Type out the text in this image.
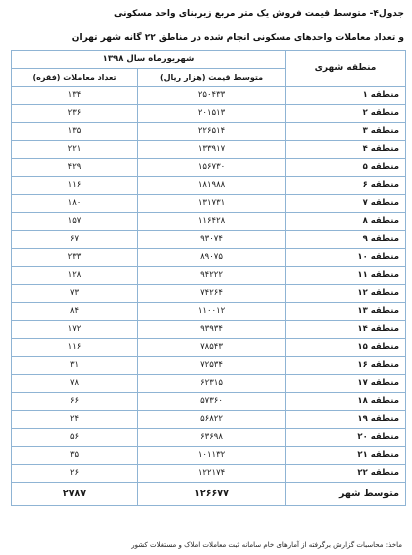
جدول۴- متوسط قیمت فروش یک متر مربع زیربنای واحد مسکونی
و تعداد معاملات واحدهای مسکونی انجام شده در مناطق ۲۲ گانه شهر تهران
منطقه شهری	شهریورماه سال ۱۳۹۸	
	متوسط قیمت (هزار ریال)	تعداد معاملات (فقره)
منطقه ۱	۲۵۰۴۳۳	۱۳۴
منطقه ۲	۲۰۱۵۱۳	۲۳۶
منطقه ۳	۲۲۶۵۱۴	۱۳۵
منطقه ۴	۱۳۳۹۱۷	۲۲۱
منطقه ۵	۱۵۶۷۳۰	۴۲۹
منطقه ۶	۱۸۱۹۸۸	۱۱۶
منطقه ۷	۱۳۱۷۳۱	۱۸۰
منطقه ۸	۱۱۶۴۲۸	۱۵۷
منطقه ۹	۹۳۰۷۴	۶۷
منطقه ۱۰	۸۹۰۷۵	۲۳۳
منطقه ۱۱	۹۴۲۲۲	۱۲۸
منطقه ۱۲	۷۴۲۶۴	۷۳
منطقه ۱۳	۱۱۰۰۱۲	۸۴
منطقه ۱۴	۹۳۹۳۴	۱۷۲
منطقه ۱۵	۷۸۵۴۳	۱۱۶
منطقه ۱۶	۷۲۵۳۴	۳۱
منطقه ۱۷	۶۲۳۱۵	۷۸
منطقه ۱۸	۵۷۳۶۰	۶۶
منطقه ۱۹	۵۶۸۲۲	۲۴
منطقه ۲۰	۶۳۶۹۸	۵۶
منطقه ۲۱	۱۰۱۱۳۲	۳۵
منطقه ۲۲	۱۲۲۱۷۴	۲۶
متوسط شهر	۱۲۶۶۷۷	۲۷۸۷
ماخذ: محاسبات گزارش برگرفته از آمارهای خام سامانه ثبت معاملات املاک و مستغلات کشور
